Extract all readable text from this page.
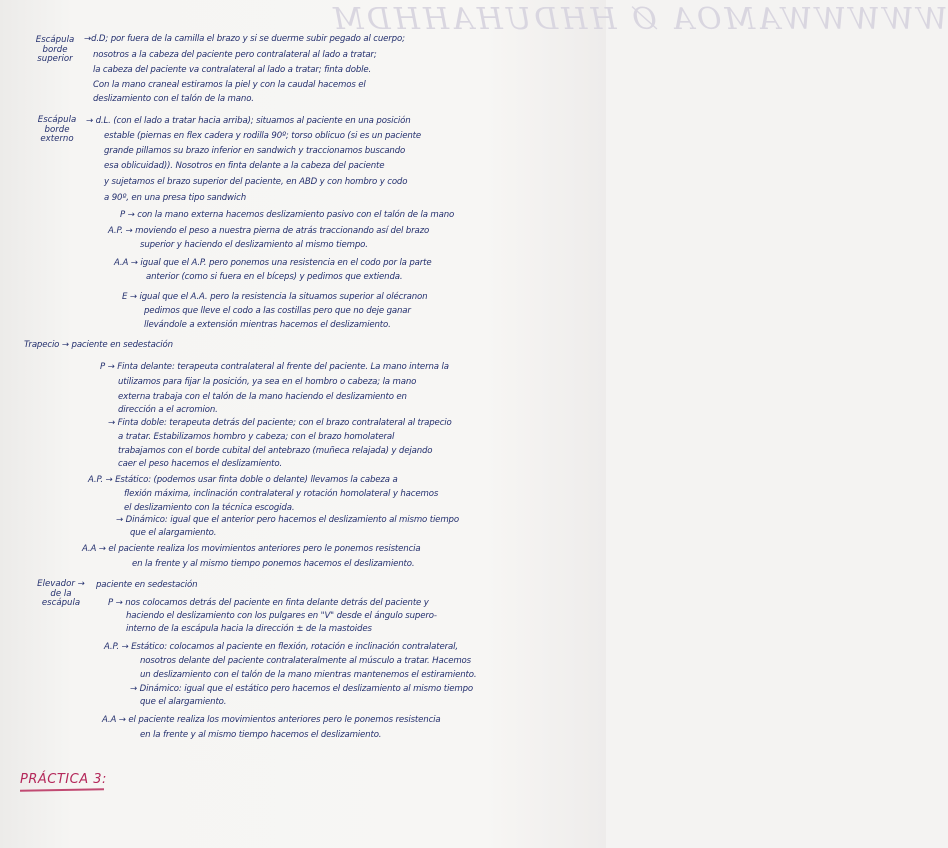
WWWWWAMOA Ø HHDUHAHHDM
Escápula
borde
superior
→d.D; por fuera de la camilla el brazo y si se duerme subir pegado al cuerpo;
nosotros a la cabeza del paciente pero contralateral al lado a tratar;
la cabeza del paciente va contralateral al lado a tratar; finta doble.
Con la mano craneal estiramos la piel y con la caudal hacemos el
deslizamiento con el talón de la mano.
Escápula
borde
externo
→ d.L. (con el lado a tratar hacia arriba); situamos al paciente en una posición
estable (piernas en flex cadera y rodilla 90º; torso oblicuo (si es un paciente
grande pillamos su brazo inferior en sandwich y traccionamos buscando
esa oblicuidad)). Nosotros en finta delante a la cabeza del paciente
y sujetamos el brazo superior del paciente, en ABD y con hombro y codo
a 90º, en una presa tipo sandwich
P → con la mano externa hacemos deslizamiento pasivo con el talón de la mano
A.P. → moviendo el peso a nuestra pierna de atrás traccionando así del brazo
superior y haciendo el deslizamiento al mismo tiempo.
A.A → igual que el A.P. pero ponemos una resistencia en el codo por la parte
anterior (como si fuera en el bíceps) y pedimos que extienda.
E → igual que el A.A. pero la resistencia la situamos superior al olécranon
pedimos que lleve el codo a las costillas pero que no deje ganar
llevándole a extensión mientras hacemos el deslizamiento.
Trapecio → paciente en sedestación
P → Finta delante: terapeuta contralateral al frente del paciente. La mano interna la
utilizamos para fijar la posición, ya sea en el hombro o cabeza; la mano
externa trabaja con el talón de la mano haciendo el deslizamiento en
dirección a el acromion.
→ Finta doble: terapeuta detrás del paciente; con el brazo contralateral al trapecio
a tratar. Estabilizamos hombro y cabeza; con el brazo homolateral
trabajamos con el borde cubital del antebrazo (muñeca relajada) y dejando
caer el peso hacemos el deslizamiento.
A.P. → Estático: (podemos usar finta doble o delante) llevamos la cabeza a
flexión máxima, inclinación contralateral y rotación homolateral y hacemos
el deslizamiento con la técnica escogida.
→ Dinámico: igual que el anterior pero hacemos el deslizamiento al mismo tiempo
que el alargamiento.
A.A → el paciente realiza los movimientos anteriores pero le ponemos resistencia
en la frente y al mismo tiempo ponemos hacemos el deslizamiento.
Elevador →
de la
escápula
paciente en sedestación
P → nos colocamos detrás del paciente en finta delante detrás del paciente y
haciendo el deslizamiento con los pulgares en "V" desde el ángulo supero-
interno de la escápula hacia la dirección ± de la mastoides
A.P. → Estático: colocamos al paciente en flexión, rotación e inclinación contralateral,
nosotros delante del paciente contralateralmente al músculo a tratar. Hacemos
un deslizamiento con el talón de la mano mientras mantenemos el estiramiento.
→ Dinámico: igual que el estático pero hacemos el deslizamiento al mismo tiempo
que el alargamiento.
A.A → el paciente realiza los movimientos anteriores pero le ponemos resistencia
en la frente y al mismo tiempo hacemos el deslizamiento.
PRÁCTICA 3:
